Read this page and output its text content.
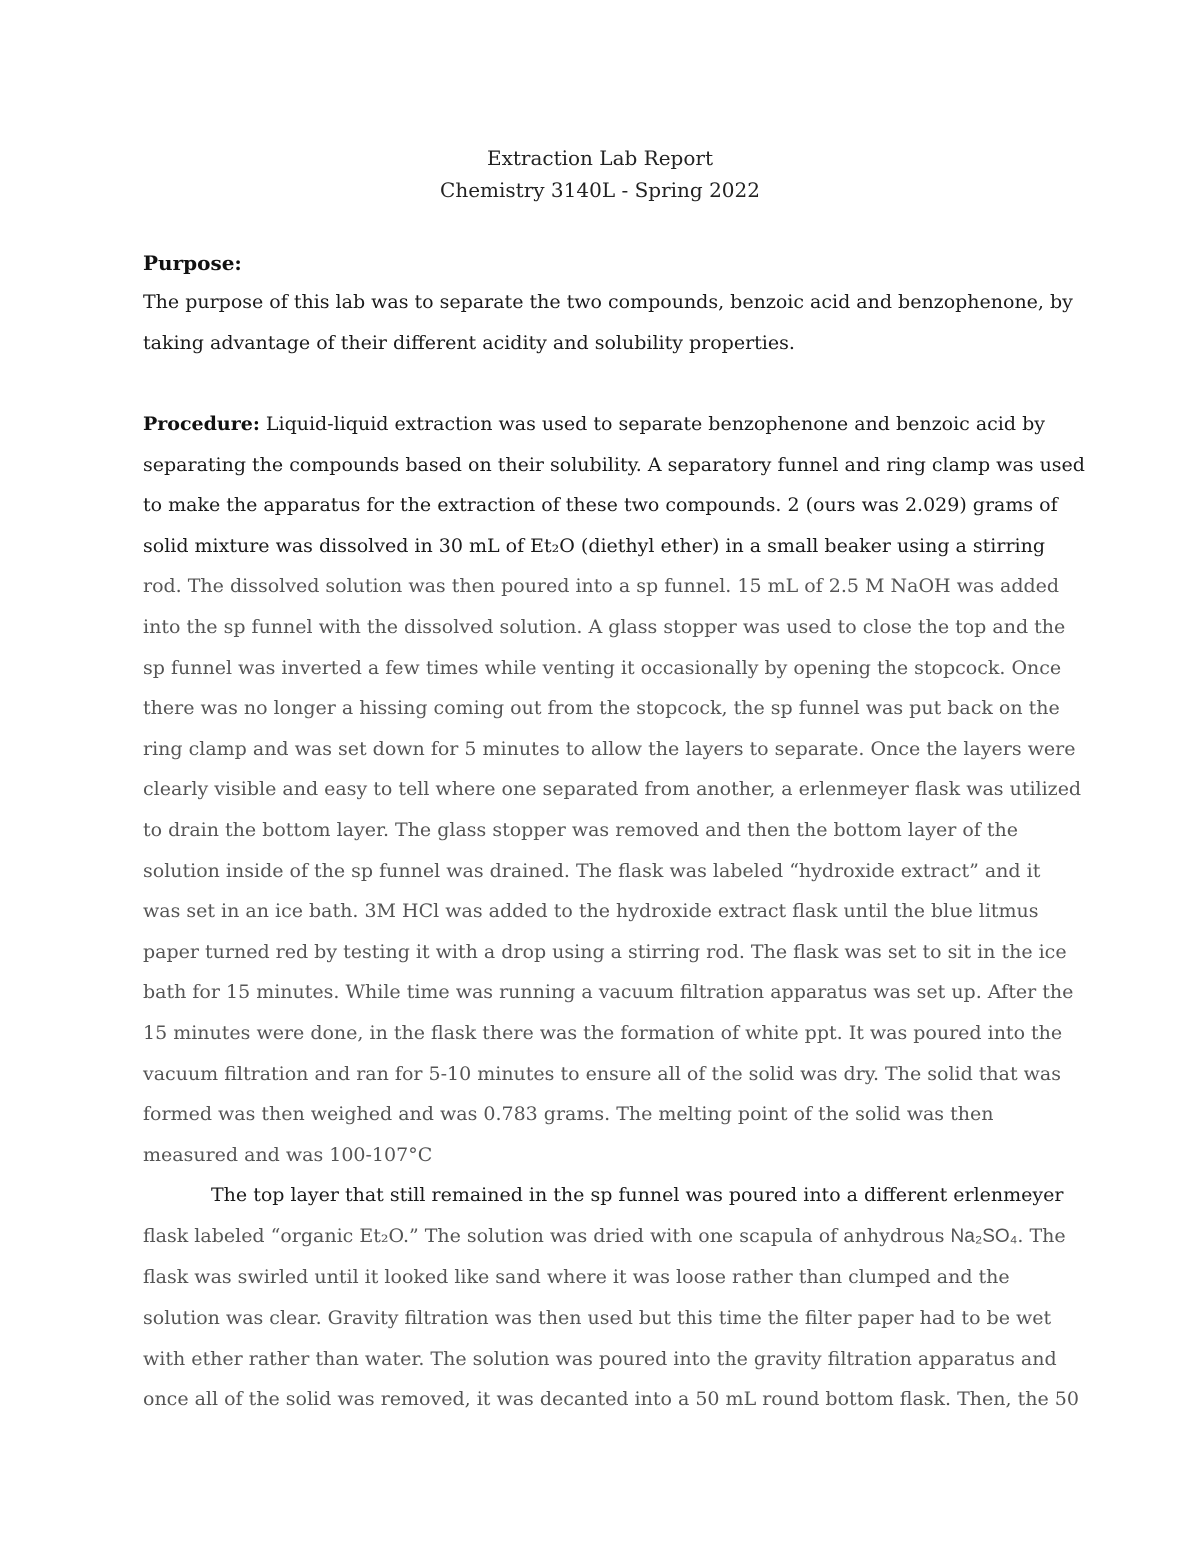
Extraction Lab Report
Chemistry 3140L - Spring 2022
Purpose:
The purpose of this lab was to separate the two compounds, benzoic acid and benzophenone, by
taking advantage of their different acidity and solubility properties.
Procedure: Liquid-liquid extraction was used to separate benzophenone and benzoic acid by
separating the compounds based on their solubility. A separatory funnel and ring clamp was used
to make the apparatus for the extraction of these two compounds. 2 (ours was 2.029) grams of
solid mixture was dissolved in 30 mL of Et₂O (diethyl ether) in a small beaker using a stirring
rod. The dissolved solution was then poured into a sp funnel. 15 mL of 2.5 M NaOH was added
into the sp funnel with the dissolved solution. A glass stopper was used to close the top and the
sp funnel was inverted a few times while venting it occasionally by opening the stopcock. Once
there was no longer a hissing coming out from the stopcock, the sp funnel was put back on the
ring clamp and was set down for 5 minutes to allow the layers to separate. Once the layers were
clearly visible and easy to tell where one separated from another, a erlenmeyer flask was utilized
to drain the bottom layer. The glass stopper was removed and then the bottom layer of the
solution inside of the sp funnel was drained. The flask was labeled “hydroxide extract” and it
was set in an ice bath. 3M HCl was added to the hydroxide extract flask until the blue litmus
paper turned red by testing it with a drop using a stirring rod. The flask was set to sit in the ice
bath for 15 minutes. While time was running a vacuum filtration apparatus was set up. After the
15 minutes were done, in the flask there was the formation of white ppt. It was poured into the
vacuum filtration and ran for 5-10 minutes to ensure all of the solid was dry. The solid that was
formed was then weighed and was 0.783 grams. The melting point of the solid was then
measured and was 100-107°C
The top layer that still remained in the sp funnel was poured into a different erlenmeyer
flask labeled “organic Et₂O.” The solution was dried with one scapula of anhydrous Na₂SO₄. The
flask was swirled until it looked like sand where it was loose rather than clumped and the
solution was clear. Gravity filtration was then used but this time the filter paper had to be wet
with ether rather than water. The solution was poured into the gravity filtration apparatus and
once all of the solid was removed, it was decanted into a 50 mL round bottom flask. Then, the 50
